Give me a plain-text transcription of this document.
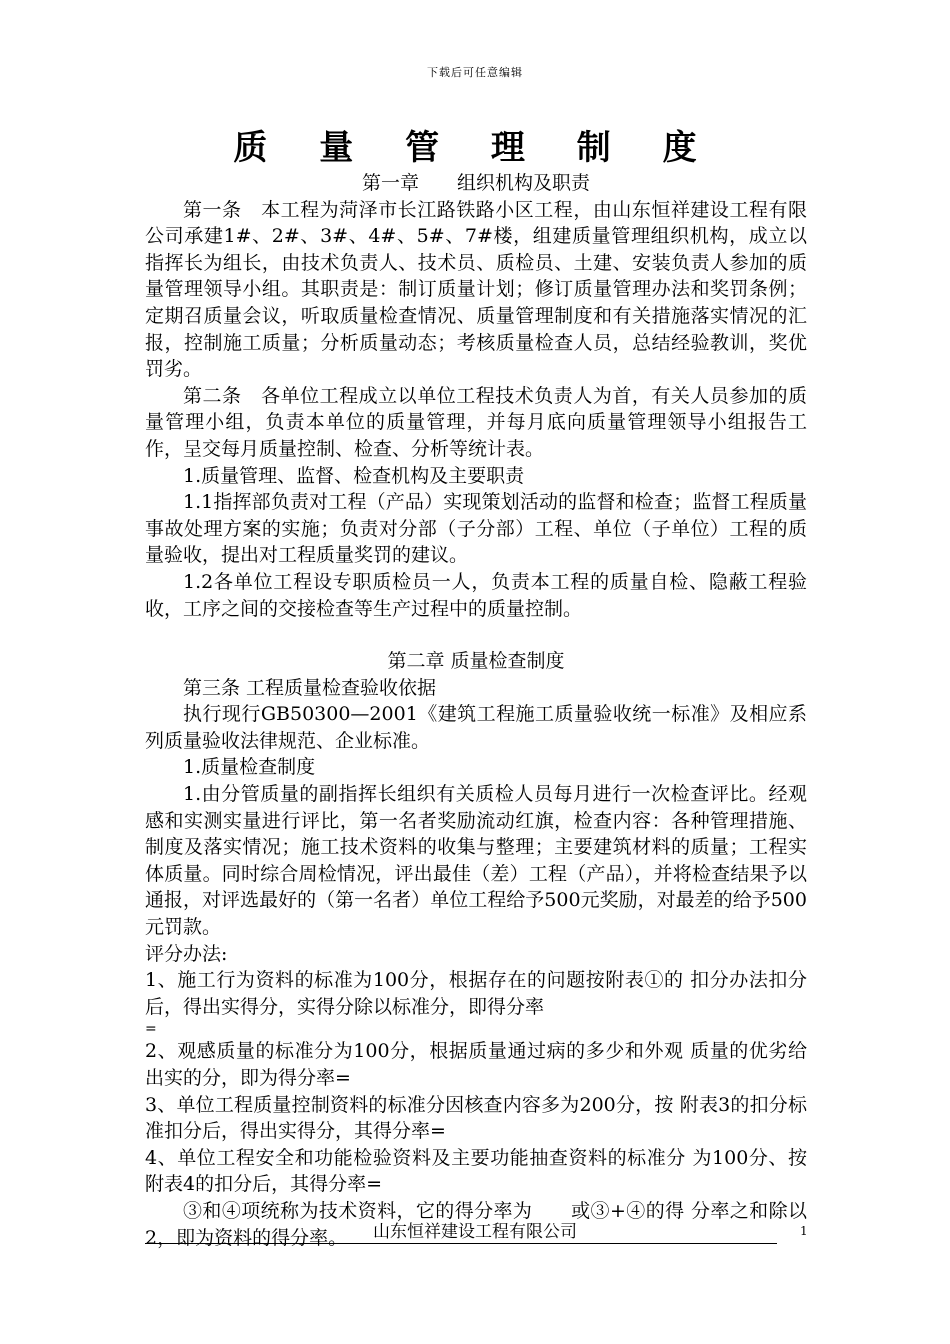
下载后可任意编辑
质 量 管 理 制 度

第一章　　组织机构及职责

第一条　本工程为菏泽市长江路铁路小区工程，由山东恒祥建设工程有限公司承建1#、2#、3#、4#、5#、7#楼，组建质量管理组织机构，成立以指挥长为组长，由技术负责人、技术员、质检员、土建、安装负责人参加的质量管理领导小组。其职责是：制订质量计划；修订质量管理办法和奖罚条例；定期召质量会议，听取质量检查情况、质量管理制度和有关措施落实情况的汇报，控制施工质量；分析质量动态；考核质量检查人员，总结经验教训，奖优罚劣。

第二条　各单位工程成立以单位工程技术负责人为首，有关人员参加的质量管理小组，负责本单位的质量管理，并每月底向质量管理领导小组报告工作，呈交每月质量控制、检查、分析等统计表。

1.质量管理、监督、检查机构及主要职责

1.1指挥部负责对工程（产品）实现策划活动的监督和检查；监督工程质量事故处理方案的实施；负责对分部（子分部）工程、单位（子单位）工程的质量验收，提出对工程质量奖罚的建议。

1.2各单位工程设专职质检员一人，负责本工程的质量自检、隐蔽工程验收，工序之间的交接检查等生产过程中的质量控制。

第二章 质量检查制度

第三条 工程质量检查验收依据

执行现行GB50300—2001《建筑工程施工质量验收统一标准》及相应系列质量验收法律规范、企业标准。

1.质量检查制度

1.由分管质量的副指挥长组织有关质检人员每月进行一次检查评比。经观感和实测实量进行评比，第一名者奖励流动红旗，检查内容：各种管理措施、制度及落实情况；施工技术资料的收集与整理；主要建筑材料的质量；工程实体质量。同时综合周检情况，评出最佳（差）工程（产品），并将检查结果予以通报，对评选最好的（第一名者）单位工程给予500元奖励，对最差的给予500元罚款。

评分办法:

1、施工行为资料的标准为100分，根据存在的问题按附表①的 扣分办法扣分后，得出实得分，实得分除以标准分，即得分率

=

2、观感质量的标准分为100分，根据质量通过病的多少和外观 质量的优劣给出实的分，即为得分率=

3、单位工程质量控制资料的标准分因核查内容多为200分，按 附表3的扣分标准扣分后，得出实得分，其得分率=

4、单位工程安全和功能检验资料及主要功能抽查资料的标准分 为100分、按附表4的扣分后，其得分率=

③和④项统称为技术资料，它的得分率为　　或③+④的得 分率之和除以2，即为资料的得分率。	山东恒祥建设工程有限公司	1
